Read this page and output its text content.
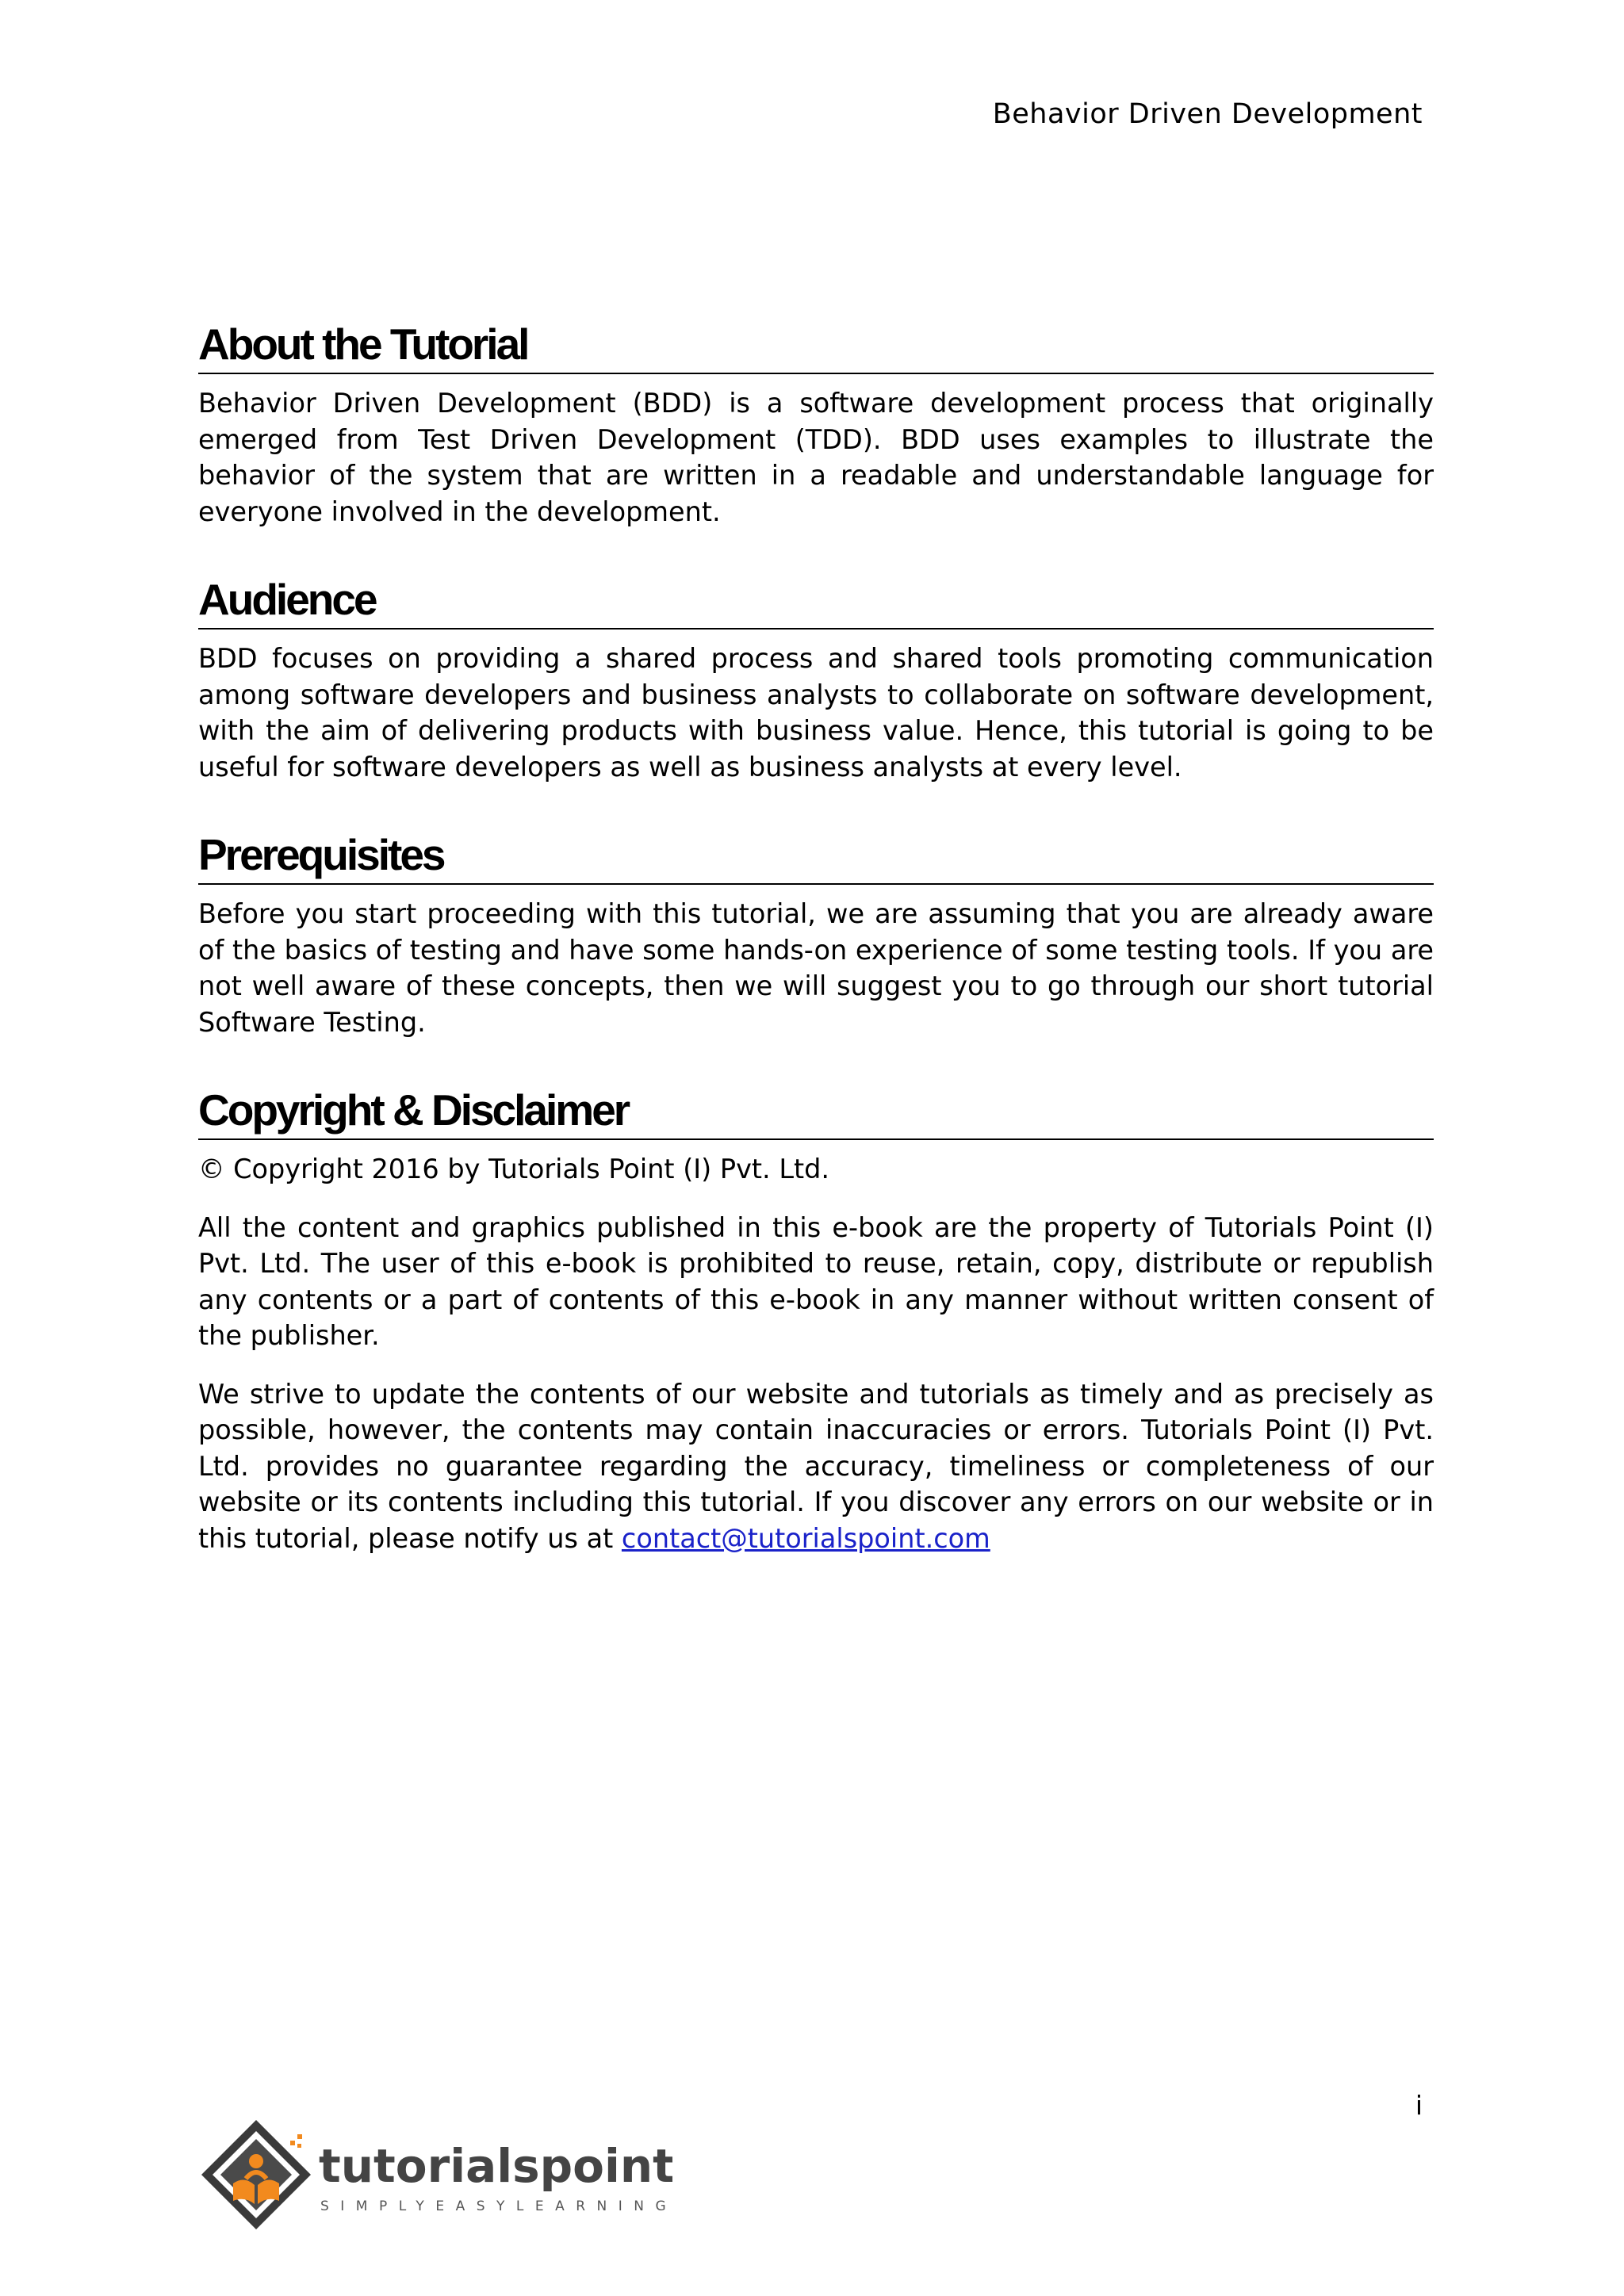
Behavior Driven Development
About the Tutorial

Behavior Driven Development (BDD) is a software development process that originally emerged from Test Driven Development (TDD). BDD uses examples to illustrate the behavior of the system that are written in a readable and understandable language for everyone involved in the development.

Audience

BDD focuses on providing a shared process and shared tools promoting communication among software developers and business analysts to collaborate on software development, with the aim of delivering products with business value. Hence, this tutorial is going to be useful for software developers as well as business analysts at every level.

Prerequisites

Before you start proceeding with this tutorial, we are assuming that you are already aware of the basics of testing and have some hands-on experience of some testing tools. If you are not well aware of these concepts, then we will suggest you to go through our short tutorial Software Testing.

Copyright & Disclaimer

© Copyright 2016 by Tutorials Point (I) Pvt. Ltd.

All the content and graphics published in this e-book are the property of Tutorials Point (I) Pvt. Ltd. The user of this e-book is prohibited to reuse, retain, copy, distribute or republish any contents or a part of contents of this e-book in any manner without written consent of the publisher.

We strive to update the contents of our website and tutorials as timely and as precisely as possible, however, the contents may contain inaccuracies or errors. Tutorials Point (I) Pvt. Ltd. provides no guarantee regarding the accuracy, timeliness or completeness of our website or its contents including this tutorial. If you discover any errors on our website or in this tutorial, please notify us at contact@tutorialspoint.com

i
tutorialspoint
SIMPLYEASYLEARNING
